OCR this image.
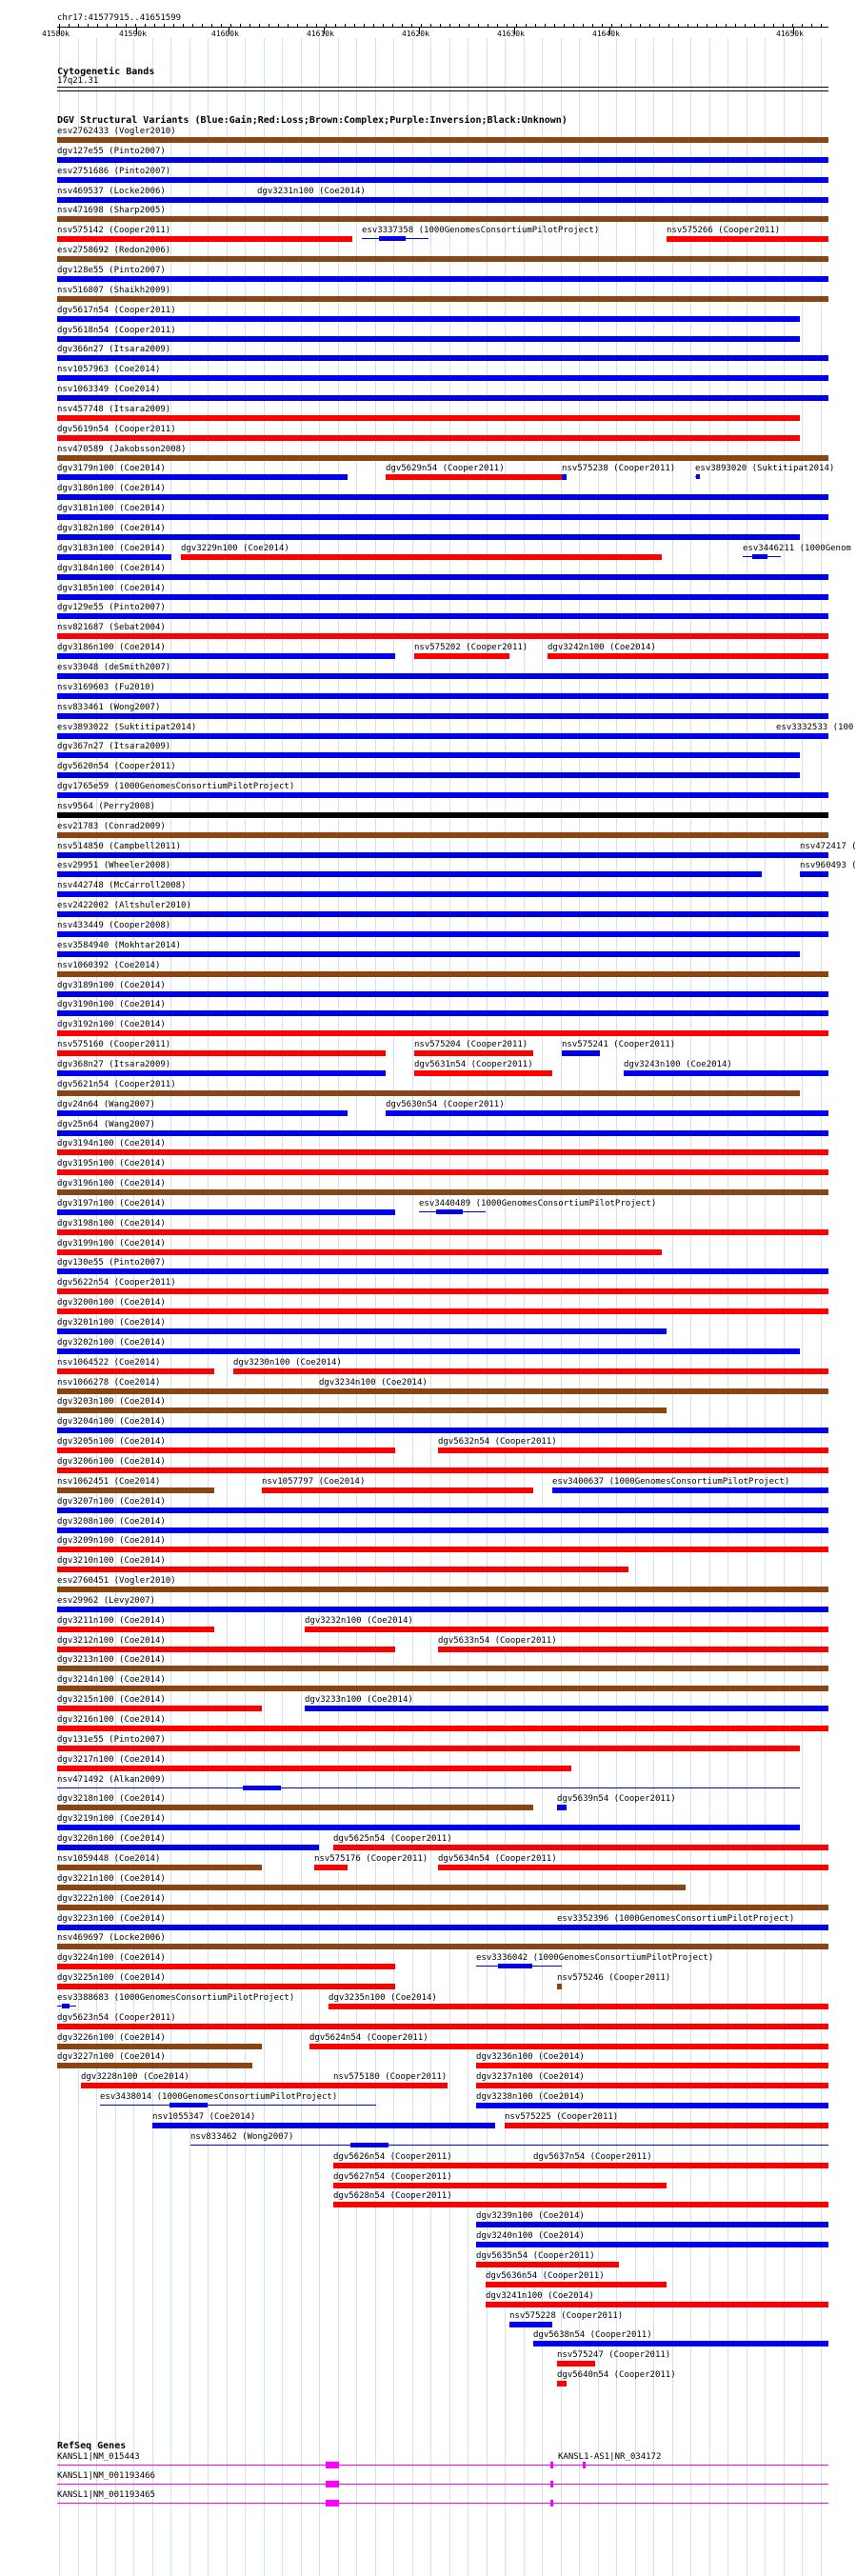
chr17:41577915..41651599
41580k	41590k	41600k	41610k	41620k	41630k	41640k	41650k
Cytogenetic Bands
17q21.31
DGV Structural Variants (Blue:Gain;Red:Loss;Brown:Complex;Purple:Inversion;Black:Unknown)
esv2762433 (Vogler2010)
dgv127e55 (Pinto2007)
esv2751686 (Pinto2007)
nsv469537 (Locke2006)	dgv3231n100 (Coe2014)
nsv471698 (Sharp2005)
nsv575142 (Cooper2011)	esv3337358 (1000GenomesConsortiumPilotProject)	nsv575266 (Cooper2011)
esv2758692 (Redon2006)
dgv128e55 (Pinto2007)
nsv516807 (Shaikh2009)
dgv5617n54 (Cooper2011)
dgv5618n54 (Cooper2011)
dgv366n27 (Itsara2009)
nsv1057963 (Coe2014)
nsv1063349 (Coe2014)
nsv457748 (Itsara2009)
dgv5619n54 (Cooper2011)
nsv470589 (Jakobsson2008)
dgv3179n100 (Coe2014)	dgv5629n54 (Cooper2011)	nsv575238 (Cooper2011) esv3893020 (Suktitipat2014)
dgv3180n100 (Coe2014)
dgv3181n100 (Coe2014)
dgv3182n100 (Coe2014)
dgv3183n100 (Coe2014) dgv3229n100 (Coe2014)	esv3446211 (1000Genom
dgv3184n100 (Coe2014)
dgv3185n100 (Coe2014)
dgv129e55 (Pinto2007)
nsv821687 (Sebat2004)
dgv3186n100 (Coe2014)	nsv575202 (Cooper2011) dgv3242n100 (Coe2014)
esv33048 (deSmith2007)
nsv3169603 (Fu2010)
nsv833461 (Wong2007)
esv3893022 (Suktitipat2014)	esv3332533 (100
dgv367n27 (Itsara2009)
dgv5620n54 (Cooper2011)
dgv1765e59 (1000GenomesConsortiumPilotProject)
nsv9564 (Perry2008)
esv21783 (Conrad2009)
nsv514850 (Campbell2011)	nsv472417 (
esv29951 (Wheeler2008)	nsv960493 (
nsv442748 (McCarroll2008)
esv2422002 (Altshuler2010)
nsv433449 (Cooper2008)
esv3584940 (Mokhtar2014)
nsv1060392 (Coe2014)
dgv3189n100 (Coe2014)
dgv3190n100 (Coe2014)
dgv3192n100 (Coe2014)
nsv575160 (Cooper2011)	nsv575204 (Cooper2011)	nsv575241 (Cooper2011)
dgv368n27 (Itsara2009)	dgv5631n54 (Cooper2011)	dgv3243n100 (Coe2014)
dgv5621n54 (Cooper2011)
dgv24n64 (Wang2007)	dgv5630n54 (Cooper2011)
dgv25n64 (Wang2007)
dgv3194n100 (Coe2014)
dgv3195n100 (Coe2014)
dgv3196n100 (Coe2014)
dgv3197n100 (Coe2014)	esv3440489 (1000GenomesConsortiumPilotProject)
dgv3198n100 (Coe2014)
dgv3199n100 (Coe2014)
dgv130e55 (Pinto2007)
dgv5622n54 (Cooper2011)
dgv3200n100 (Coe2014)
dgv3201n100 (Coe2014)
dgv3202n100 (Coe2014)
nsv1064522 (Coe2014)	dgv3230n100 (Coe2014)
nsv1066278 (Coe2014)	dgv3234n100 (Coe2014)
dgv3203n100 (Coe2014)
dgv3204n100 (Coe2014)
dgv3205n100 (Coe2014)	dgv5632n54 (Cooper2011)
dgv3206n100 (Coe2014)
nsv1062451 (Coe2014)	nsv1057797 (Coe2014)	esv3400637 (1000GenomesConsortiumPilotProject)
dgv3207n100 (Coe2014)
dgv3208n100 (Coe2014)
dgv3209n100 (Coe2014)
dgv3210n100 (Coe2014)
esv2760451 (Vogler2010)
esv29962 (Levy2007)
dgv3211n100 (Coe2014)	dgv3232n100 (Coe2014)
dgv3212n100 (Coe2014)	dgv5633n54 (Cooper2011)
dgv3213n100 (Coe2014)
dgv3214n100 (Coe2014)
dgv3215n100 (Coe2014)	dgv3233n100 (Coe2014)
dgv3216n100 (Coe2014)
dgv131e55 (Pinto2007)
dgv3217n100 (Coe2014)
nsv471492 (Alkan2009)
dgv3218n100 (Coe2014)	dgv5639n54 (Cooper2011)
dgv3219n100 (Coe2014)
dgv3220n100 (Coe2014)	dgv5625n54 (Cooper2011)
nsv1059448 (Coe2014)	nsv575176 (Cooper2011) dgv5634n54 (Cooper2011)
dgv3221n100 (Coe2014)
dgv3222n100 (Coe2014)
dgv3223n100 (Coe2014)	esv3352396 (1000GenomesConsortiumPilotProject)
nsv469697 (Locke2006)
dgv3224n100 (Coe2014)	esv3336042 (1000GenomesConsortiumPilotProject)
dgv3225n100 (Coe2014)	nsv575246 (Cooper2011)
esv3388683 (1000GenomesConsortiumPilotProject)	dgv3235n100 (Coe2014)
dgv5623n54 (Cooper2011)
dgv3226n100 (Coe2014)	dgv5624n54 (Cooper2011)
dgv3227n100 (Coe2014)	dgv3236n100 (Coe2014)
dgv3228n100 (Coe2014)	nsv575180 (Cooper2011)	dgv3237n100 (Coe2014)
esv3438014 (1000GenomesConsortiumPilotProject)	dgv3238n100 (Coe2014)
nsv1055347 (Coe2014)	nsv575225 (Cooper2011)
nsv833462 (Wong2007)
dgv5626n54 (Cooper2011)	dgv5637n54 (Cooper2011)
dgv5627n54 (Cooper2011)
dgv5628n54 (Cooper2011)
dgv3239n100 (Coe2014)
dgv3240n100 (Coe2014)
dgv5635n54 (Cooper2011)
dgv5636n54 (Cooper2011)
dgv3241n100 (Coe2014)
nsv575228 (Cooper2011)
dgv5638n54 (Cooper2011)
nsv575247 (Cooper2011)
dgv5640n54 (Cooper2011)
RefSeq Genes
KANSL1|NM_015443	KANSL1-AS1|NR_034172
KANSL1|NM_001193466
KANSL1|NM_001193465
